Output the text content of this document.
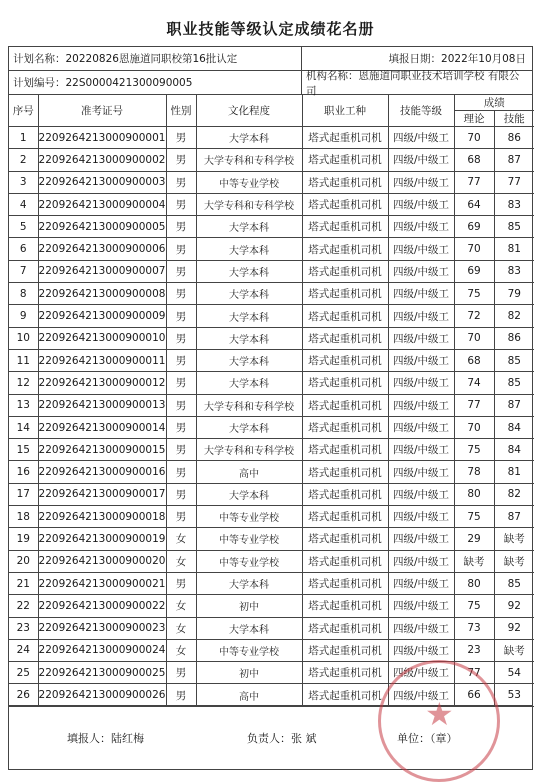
职业技能等级认定成绩花名册
计划名称：20220826恩施道同职校第16批认定	填报日期：2022年10月08日
计划编号：22S0000421300090005
机构名称：恩施道同职业技术培训学校 有限公司
序号	准考证号	性别	文化程度	职业工种	技能等级	成绩	
						理论	技能
1	2209264213000900001	男	大学本科	塔式起重机司机	四级/中级工	70	86
2	2209264213000900002	男	大学专科和专科学校	塔式起重机司机	四级/中级工	68	87
3	2209264213000900003	男	中等专业学校	塔式起重机司机	四级/中级工	77	77
4	2209264213000900004	男	大学专科和专科学校	塔式起重机司机	四级/中级工	64	83
5	2209264213000900005	男	大学本科	塔式起重机司机	四级/中级工	69	85
6	2209264213000900006	男	大学本科	塔式起重机司机	四级/中级工	70	81
7	2209264213000900007	男	大学本科	塔式起重机司机	四级/中级工	69	83
8	2209264213000900008	男	大学本科	塔式起重机司机	四级/中级工	75	79
9	2209264213000900009	男	大学本科	塔式起重机司机	四级/中级工	72	82
10	2209264213000900010	男	大学本科	塔式起重机司机	四级/中级工	70	86
11	2209264213000900011	男	大学本科	塔式起重机司机	四级/中级工	68	85
12	2209264213000900012	男	大学本科	塔式起重机司机	四级/中级工	74	85
13	2209264213000900013	男	大学专科和专科学校	塔式起重机司机	四级/中级工	77	87
14	2209264213000900014	男	大学本科	塔式起重机司机	四级/中级工	70	84
15	2209264213000900015	男	大学专科和专科学校	塔式起重机司机	四级/中级工	75	84
16	2209264213000900016	男	高中	塔式起重机司机	四级/中级工	78	81
17	2209264213000900017	男	大学本科	塔式起重机司机	四级/中级工	80	82
18	2209264213000900018	男	中等专业学校	塔式起重机司机	四级/中级工	75	87
19	2209264213000900019	女	中等专业学校	塔式起重机司机	四级/中级工	29	缺考
20	2209264213000900020	女	中等专业学校	塔式起重机司机	四级/中级工	缺考	缺考
21	2209264213000900021	男	大学本科	塔式起重机司机	四级/中级工	80	85
22	2209264213000900022	女	初中	塔式起重机司机	四级/中级工	75	92
23	2209264213000900023	女	大学本科	塔式起重机司机	四级/中级工	73	92
24	2209264213000900024	女	中等专业学校	塔式起重机司机	四级/中级工	23	缺考
25	2209264213000900025	男	初中	塔式起重机司机	四级/中级工	77	54
26	2209264213000900026	男	高中	塔式起重机司机	四级/中级工	66	53
填报人：陆红梅	负责人：张 斌	单位：（章）
★
